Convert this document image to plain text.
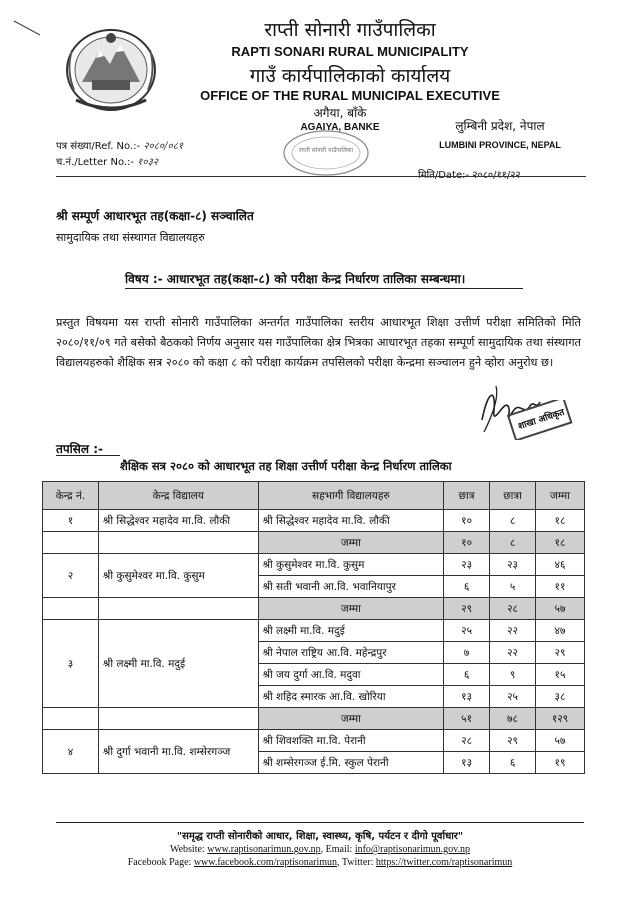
राप्ती सोनारी गाउँपालिका
RAPTI SONARI RURAL MUNICIPALITY
गाउँ कार्यपालिकाको कार्यालय
OFFICE OF THE RURAL MUNICIPAL EXECUTIVE
अगैया, बाँके
AGAIYA, BANKE	लुम्बिनी प्रदेश, नेपाल
LUMBINI PROVINCE, NEPAL
पत्र संख्या/Ref. No.:- २०८०/०८१
च.नं./Letter No.:- १०३२
राप्ती सोनारी गाउँपालिका
मिति/Date:- २०८०/११/२२
श्री सम्पूर्ण आधारभूत तह(कक्षा-८) सञ्चालित
सामुदायिक तथा संस्थागत विद्यालयहरु
विषय :- आधारभूत तह(कक्षा-८) को परीक्षा केन्द्र निर्धारण तालिका सम्बन्धमा।
प्रस्तुत विषयमा यस राप्ती सोनारी गाउँपालिका अन्तर्गत गाउँपालिका स्तरीय आधारभूत शिक्षा उत्तीर्ण परीक्षा समितिको मिति २०८०/११/०९ गते बसेको बैठकको निर्णय अनुसार यस गाउँपालिका क्षेत्र भित्रका आधारभूत तहका सम्पूर्ण सामुदायिक तथा संस्थागत विद्यालयहरुको शैक्षिक सत्र २०८० को कक्षा ८ को परीक्षा कार्यक्रम तपसिलको परीक्षा केन्द्रमा सञ्चालन हुने व्होरा अनुरोध छ।
शाखा अधिकृत
तपसिल :-
शैक्षिक सत्र २०८० को आधारभूत तह शिक्षा उत्तीर्ण परीक्षा केन्द्र निर्धारण तालिका
केन्द्र नं.	केन्द्र विद्यालय	सहभागी विद्यालयहरु	छात्र	छात्रा	जम्मा
१	श्री सिद्धेश्वर महादेव मा.वि. लौकी	श्री सिद्धेश्वर महादेव मा.वि. लौकी	१०	८	१८
		जम्मा	१०	८	१८
२	श्री कुसुमेश्वर मा.वि. कुसुम	श्री कुसुमेश्वर मा.वि. कुसुम	२३	२३	४६
		श्री सती भवानी आ.वि. भवानियापुर	६	५	११
		जम्मा	२९	२८	५७
३	श्री लक्ष्मी मा.वि. मदुई	श्री लक्ष्मी मा.वि. मदुई	२५	२२	४७
		श्री नेपाल राष्ट्रिय आ.वि. महेन्द्रपुर	७	२२	२९
		श्री जय दुर्गा आ.वि. मदुवा	६	९	१५
		श्री शहिद स्मारक आ.वि. खोरिया	१३	२५	३८
		जम्मा	५१	७८	१२९
४	श्री दुर्गा भवानी मा.वि. शम्सेरगञ्ज	श्री शिवशक्ति मा.वि. पेरानी	२८	२९	५७
		श्री शम्सेरगञ्ज ई.मि. स्कुल पेरानी	१३	६	१९
"समृद्ध राप्ती सोनारीको आधार, शिक्षा, स्वास्थ्य, कृषि, पर्यटन र दीगो पूर्वाधार"
Website: www.raptisonarimun.gov.np, Email: info@raptisonarimun.gov.np
Facebook Page: www.facebook.com/raptisonarimun, Twitter: https://twitter.com/raptisonarimun
